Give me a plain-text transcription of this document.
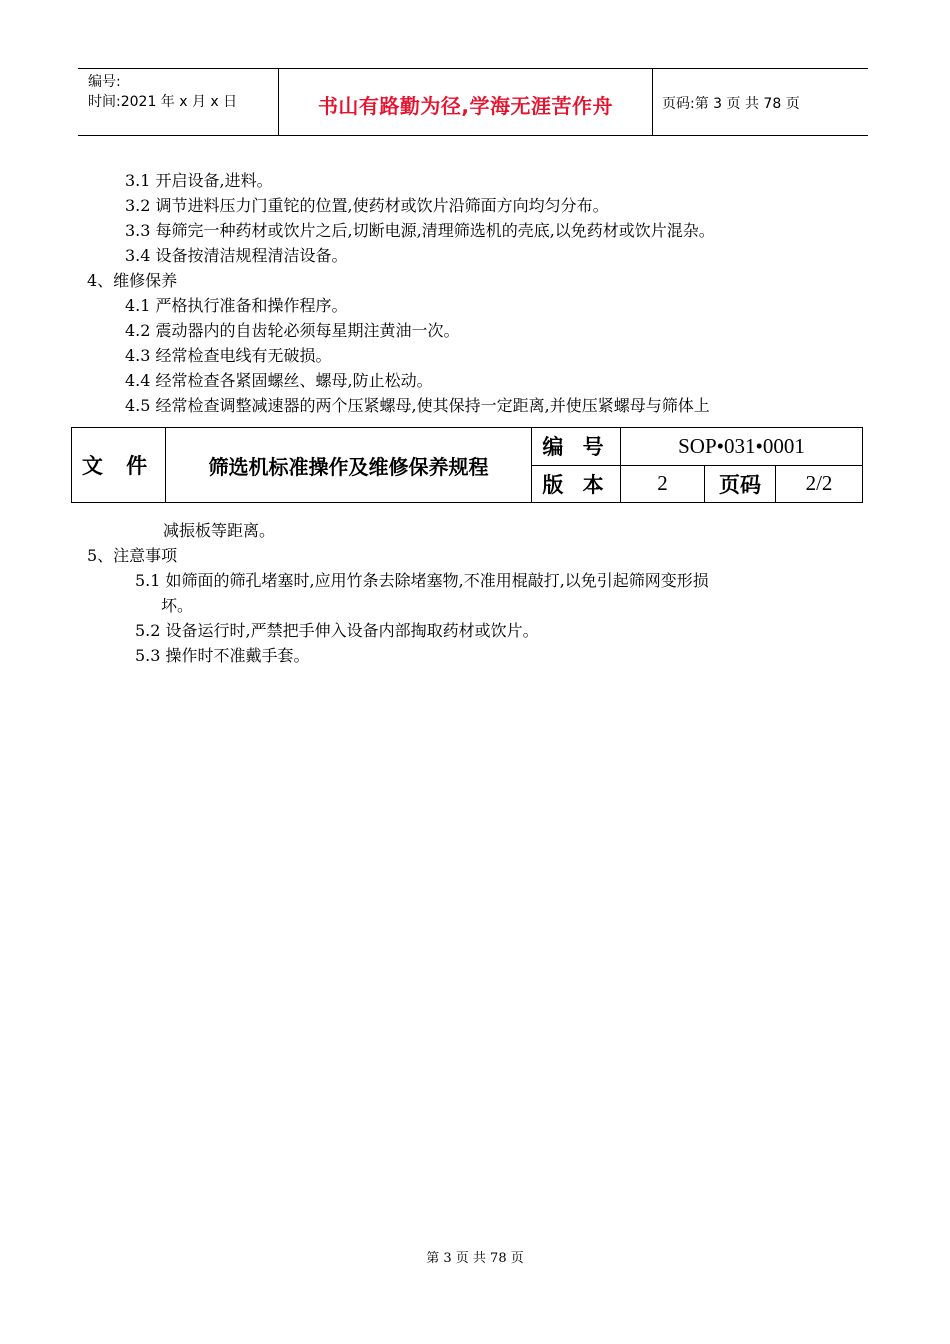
编号:
时间:2021 年 x 月 x 日	书山有路勤为径,学海无涯苦作舟	页码:第 3 页 共 78 页
3.1 开启设备,进料。
3.2 调节进料压力门重铊的位置,使药材或饮片沿筛面方向均匀分布。
3.3 每筛完一种药材或饮片之后,切断电源,清理筛选机的壳底,以免药材或饮片混杂。
3.4 设备按清洁规程清洁设备。
4、维修保养
4.1 严格执行准备和操作程序。
4.2 震动器内的自齿轮必须每星期注黄油一次。
4.3 经常检查电线有无破损。
4.4 经常检查各紧固螺丝、螺母,防止松动。
4.5 经常检查调整减速器的两个压紧螺母,使其保持一定距离,并使压紧螺母与筛体上
文 件	筛选机标准操作及维修保养规程	编 号	SOP•031•0001		
		版 本	2	页码	2/2
减振板等距离。
5、注意事项
5.1 如筛面的筛孔堵塞时,应用竹条去除堵塞物,不准用棍敲打,以免引起筛网变形损
坏。
5.2 设备运行时,严禁把手伸入设备内部掏取药材或饮片。
5.3 操作时不准戴手套。
第 3 页 共 78 页
